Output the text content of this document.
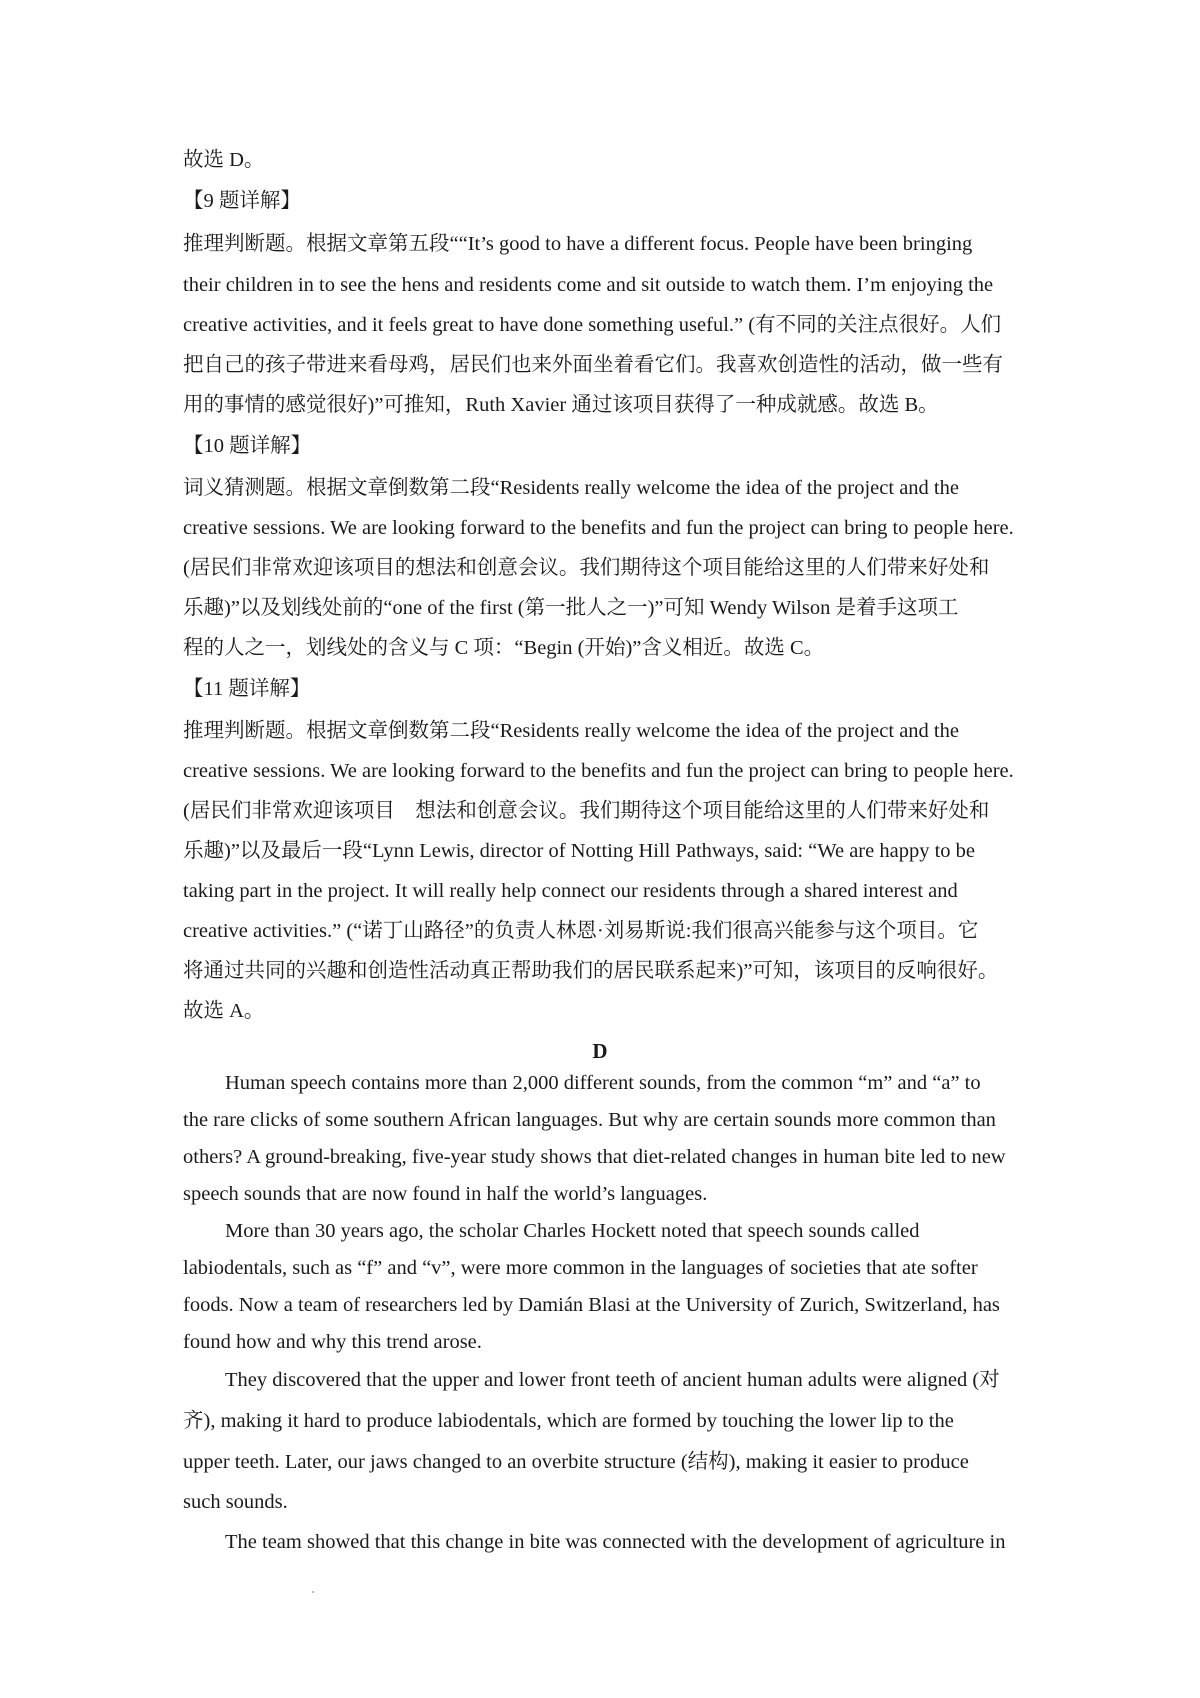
故选 D。
【9 题详解】
推理判断题。根据文章第五段““It’s good to have a different focus. People have been bringing
their children in to see the hens and residents come and sit outside to watch them. I’m enjoying the
creative activities, and it feels great to have done something useful.” (有不同的关注点很好。人们
把自己的孩子带进来看母鸡，居民们也来外面坐着看它们。我喜欢创造性的活动，做一些有
用的事情的感觉很好)”可推知，Ruth Xavier 通过该项目获得了一种成就感。故选 B。
【10 题详解】
词义猜测题。根据文章倒数第二段“Residents really welcome the idea of the project and the
creative sessions. We are looking forward to the benefits and fun the project can bring to people here.
(居民们非常欢迎该项目的想法和创意会议。我们期待这个项目能给这里的人们带来好处和
乐趣)”以及划线处前的“one of the first (第一批人之一)”可知 Wendy Wilson 是着手这项工
程的人之一，划线处的含义与 C 项：“Begin (开始)”含义相近。故选 C。
【11 题详解】
推理判断题。根据文章倒数第二段“Residents really welcome the idea of the project and the
creative sessions. We are looking forward to the benefits and fun the project can bring to people here.
(居民们非常欢迎该项目　想法和创意会议。我们期待这个项目能给这里的人们带来好处和
乐趣)”以及最后一段“Lynn Lewis, director of Notting Hill Pathways, said: “We are happy to be
taking part in the project. It will really help connect our residents through a shared interest and
creative activities.” (“诺丁山路径”的负责人林恩·刘易斯说:我们很高兴能参与这个项目。它
将通过共同的兴趣和创造性活动真正帮助我们的居民联系起来)”可知，该项目的反响很好。
故选 A。
D
Human speech contains more than 2,000 different sounds, from the common “m” and “a” to
the rare clicks of some southern African languages. But why are certain sounds more common than
others? A ground-breaking, five-year study shows that diet-related changes in human bite led to new
speech sounds that are now found in half the world’s languages.
More than 30 years ago, the scholar Charles Hockett noted that speech sounds called
labiodentals, such as “f” and “v”, were more common in the languages of societies that ate softer
foods. Now a team of researchers led by Damián Blasi at the University of Zurich, Switzerland, has
found how and why this trend arose.
They discovered that the upper and lower front teeth of ancient human adults were aligned (对
齐), making it hard to produce labiodentals, which are formed by touching the lower lip to the
upper teeth. Later, our jaws changed to an overbite structure (结构), making it easier to produce
such sounds.
The team showed that this change in bite was connected with the development of agriculture in
